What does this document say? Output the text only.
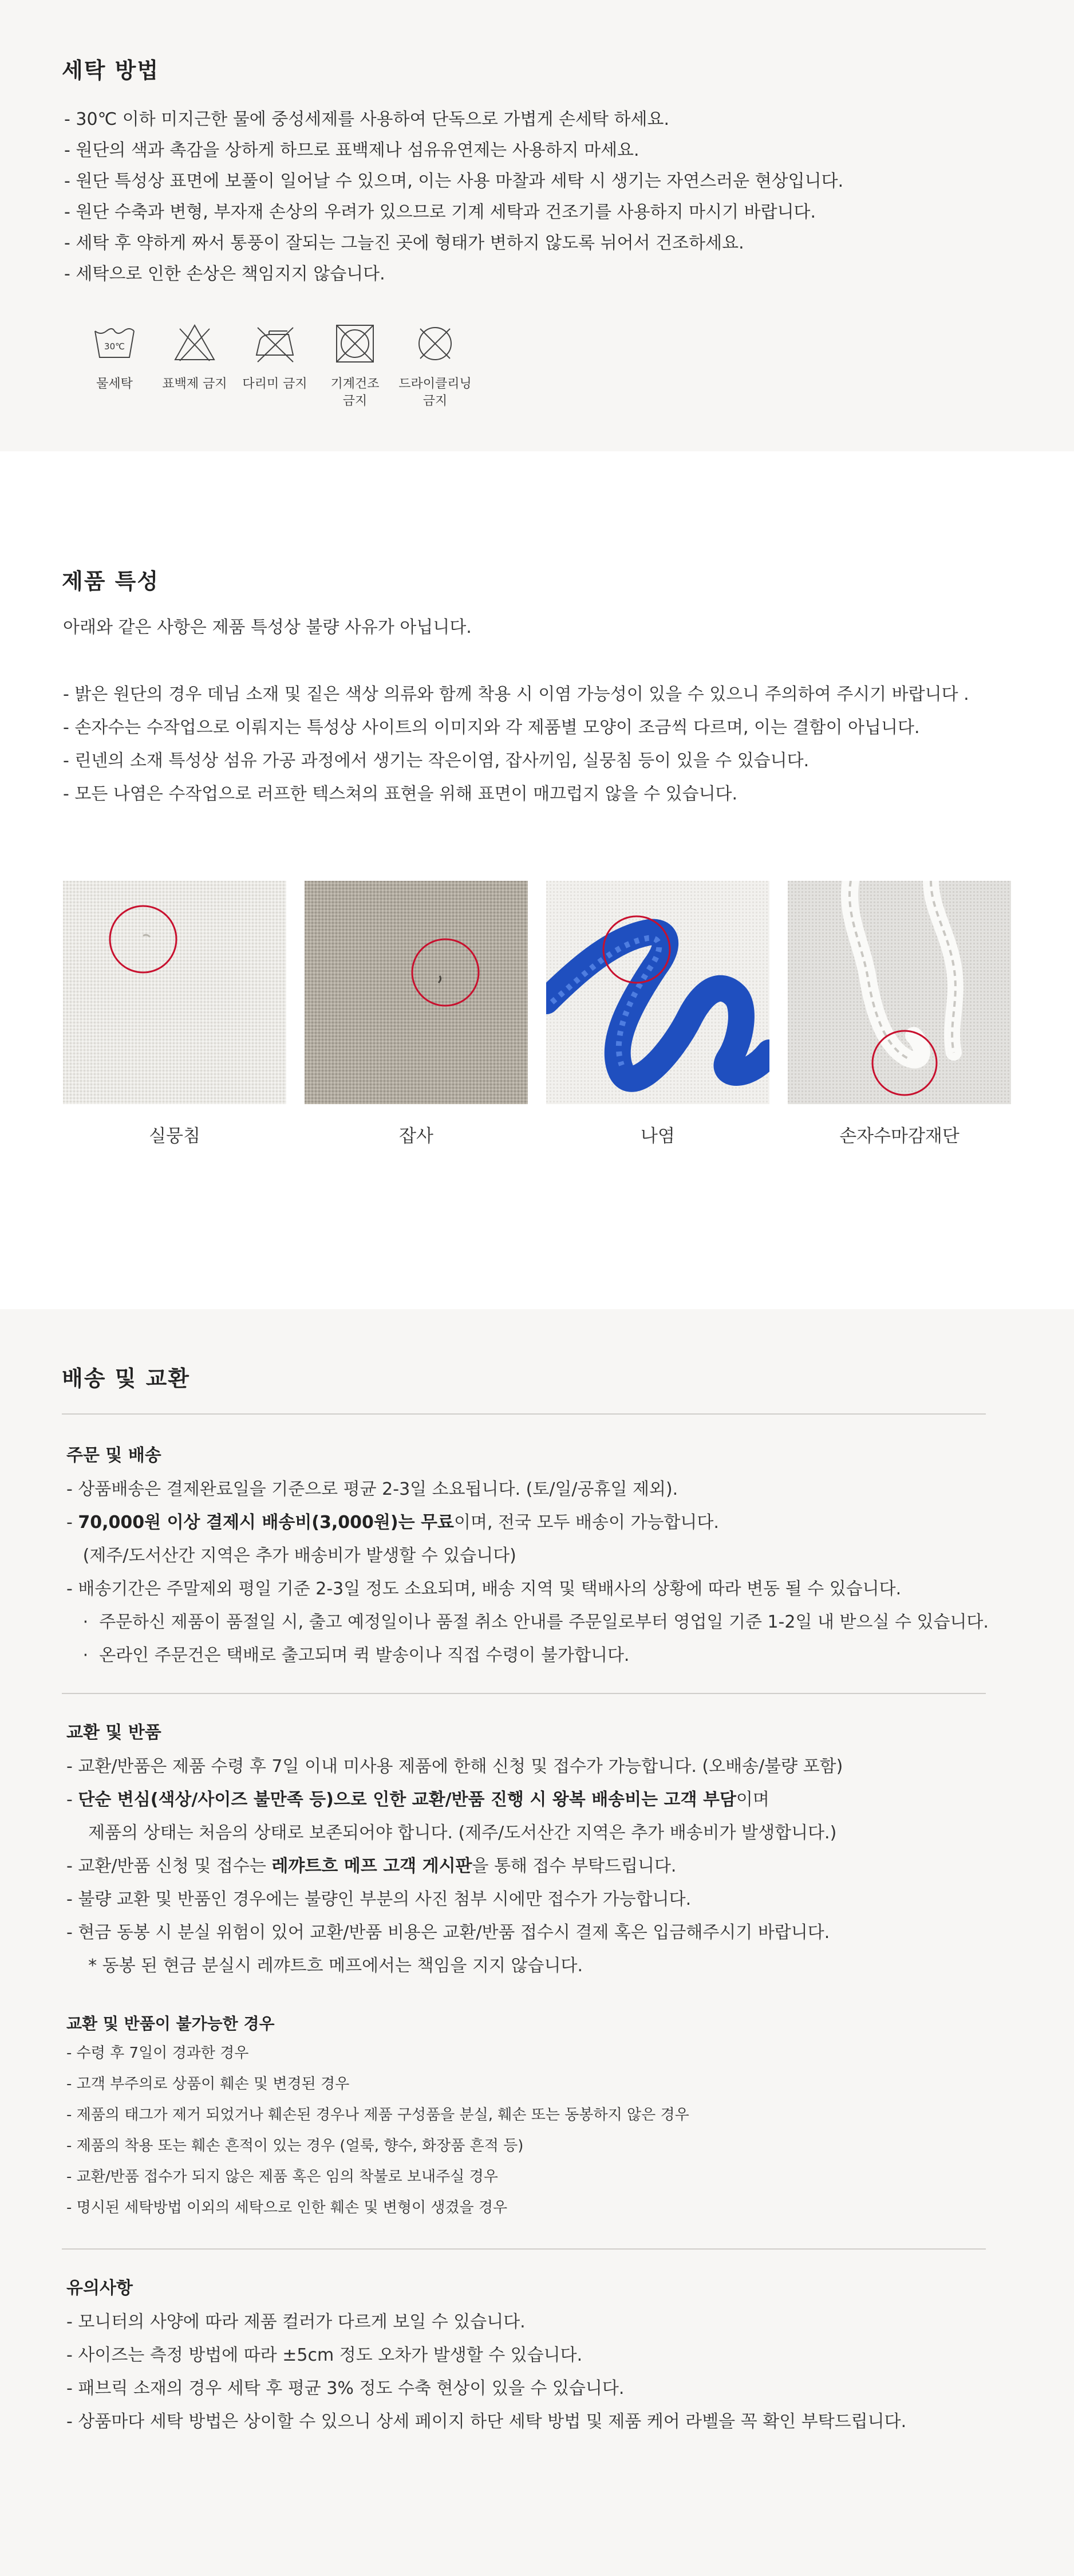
세탁 방법
- 30℃ 이하 미지근한 물에 중성세제를 사용하여 단독으로 가볍게 손세탁 하세요.
- 원단의 색과 촉감을 상하게 하므로 표백제나 섬유유연제는 사용하지 마세요.
- 원단 특성상 표면에 보풀이 일어날 수 있으며, 이는 사용 마찰과 세탁 시 생기는 자연스러운 현상입니다.
- 원단 수축과 변형, 부자재 손상의 우려가 있으므로 기계 세탁과 건조기를 사용하지 마시기 바랍니다.
- 세탁 후 약하게 짜서 통풍이 잘되는 그늘진 곳에 형태가 변하지 않도록 뉘어서 건조하세요.
- 세탁으로 인한 손상은 책임지지 않습니다.
30℃
물세탁 표백제 금지 다리미 금지 기계건조
금지
드라이클리닝
금지
제품 특성

아래와 같은 사항은 제품 특성상 불량 사유가 아닙니다.

- 밝은 원단의 경우 데님 소재 및 짙은 색상 의류와 함께 착용 시 이염 가능성이 있을 수 있으니 주의하여 주시기 바랍니다 .
- 손자수는 수작업으로 이뤄지는 특성상 사이트의 이미지와 각 제품별 모양이 조금씩 다르며, 이는 결함이 아닙니다.
- 린넨의 소재 특성상 섬유 가공 과정에서 생기는 작은이염, 잡사끼임, 실뭉침 등이 있을 수 있습니다.
- 모든 나염은 수작업으로 러프한 텍스쳐의 표현을 위해 표면이 매끄럽지 않을 수 있습니다.
실뭉침	잡사	나염	손자수마감재단
배송 및 교환
주문 및 배송
- 상품배송은 결제완료일을 기준으로 평균 2-3일 소요됩니다. (토/일/공휴일 제외).
- 70,000원 이상 결제시 배송비(3,000원)는 무료이며, 전국 모두 배송이 가능합니다.
(제주/도서산간 지역은 추가 배송비가 발생할 수 있습니다)
- 배송기간은 주말제외 평일 기준 2-3일 정도 소요되며, 배송 지역 및 택배사의 상황에 따라 변동 될 수 있습니다.
·  주문하신 제품이 품절일 시, 출고 예정일이나 품절 취소 안내를 주문일로부터 영업일 기준 1-2일 내 받으실 수 있습니다.
·  온라인 주문건은 택배로 출고되며 퀵 발송이나 직접 수령이 불가합니다.
교환 및 반품
- 교환/반품은 제품 수령 후 7일 이내 미사용 제품에 한해 신청 및 접수가 가능합니다. (오배송/불량 포함)
- 단순 변심(색상/사이즈 불만족 등)으로 인한 교환/반품 진행 시 왕복 배송비는 고객 부담이며
제품의 상태는 처음의 상태로 보존되어야 합니다. (제주/도서산간 지역은 추가 배송비가 발생합니다.)
- 교환/반품 신청 및 접수는 레꺄트흐 메프 고객 게시판을 통해 접수 부탁드립니다.
- 불량 교환 및 반품인 경우에는 불량인 부분의 사진 첨부 시에만 접수가 가능합니다.
- 현금 동봉 시 분실 위험이 있어 교환/반품 비용은 교환/반품 접수시 결제 혹은 입금해주시기 바랍니다.
* 동봉 된 현금 분실시 레꺄트흐 메프에서는 책임을 지지 않습니다.
교환 및 반품이 불가능한 경우
- 수령 후 7일이 경과한 경우
- 고객 부주의로 상품이 훼손 및 변경된 경우
- 제품의 태그가 제거 되었거나 훼손된 경우나 제품 구성품을 분실, 훼손 또는 동봉하지 않은 경우
- 제품의 착용 또는 훼손 흔적이 있는 경우 (얼룩, 향수, 화장품 흔적 등)
- 교환/반품 접수가 되지 않은 제품 혹은 임의 착불로 보내주실 경우
- 명시된 세탁방법 이외의 세탁으로 인한 훼손 및 변형이 생겼을 경우
유의사항
- 모니터의 사양에 따라 제품 컬러가 다르게 보일 수 있습니다.
- 사이즈는 측정 방법에 따라 ±5cm 정도 오차가 발생할 수 있습니다.
- 패브릭 소재의 경우 세탁 후 평균 3% 정도 수축 현상이 있을 수 있습니다.
- 상품마다 세탁 방법은 상이할 수 있으니 상세 페이지 하단 세탁 방법 및 제품 케어 라벨을 꼭 확인 부탁드립니다.
